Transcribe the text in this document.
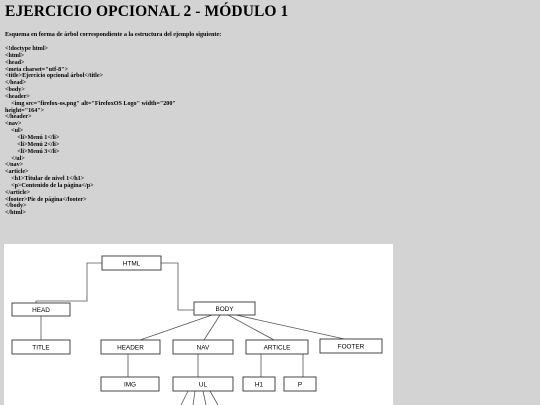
EJERCICIO OPCIONAL 2 - MÓDULO 1

Esquema en forma de árbol correspondiente a la estructura del ejemplo siguiente:

<!doctype html>
<html>
<head>
<meta charset="utf-8">
<title>Ejercicio opcional árbol</title>
</head>
<body>
<header>
<img src="firefox-os.png" alt="FirefoxOS Logo" width="200"
height="164">
</header>
<nav>
<ul>
<li>Menú 1</li>
<li>Menú 2</li>
<li>Menú 3</li>
</ul>
</nav>
<article>
<h1>Titular de nivel 1</h1>
<p>Contenido de la página</p>
</article>
<footer>Pie de página</footer>
</body>
</html>
HTML
HEAD	BODY
TITLE	HEADER	NAV	ARTICLE	FOOTER
IMG	UL	H1	P
